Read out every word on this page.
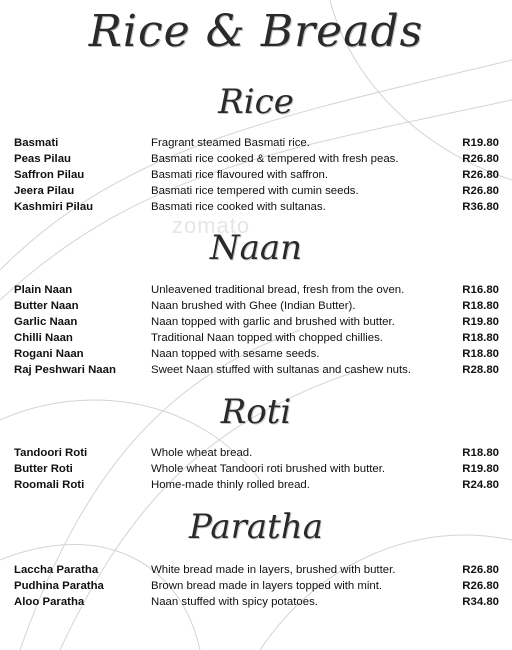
Rice & Breads
zomato
Rice
Basmati	Fragrant steamed Basmati rice.	R19.80
Peas Pilau	Basmati rice cooked & tempered with fresh peas.	R26.80
Saffron Pilau	Basmati rice flavoured with saffron.	R26.80
Jeera Pilau	Basmati rice tempered with cumin seeds.	R26.80
Kashmiri Pilau	Basmati rice cooked with sultanas.	R36.80
Naan
Plain Naan	Unleavened traditional bread, fresh from the oven.	R16.80
Butter Naan	Naan brushed with Ghee (Indian Butter).	R18.80
Garlic Naan	Naan topped with garlic and brushed with butter.	R19.80
Chilli Naan	Traditional Naan topped with chopped chillies.	R18.80
Rogani Naan	Naan topped with sesame seeds.	R18.80
Raj Peshwari Naan	Sweet Naan stuffed with sultanas and cashew nuts.	R28.80
Roti
Tandoori Roti	Whole wheat bread.	R18.80
Butter Roti	Whole wheat Tandoori roti brushed with butter.	R19.80
Roomali Roti	Home-made thinly rolled bread.	R24.80
Paratha
Laccha Paratha	White bread made in layers, brushed with butter.	R26.80
Pudhina Paratha	Brown bread made in layers topped with mint.	R26.80
Aloo Paratha	Naan stuffed with spicy potatoes.	R34.80
